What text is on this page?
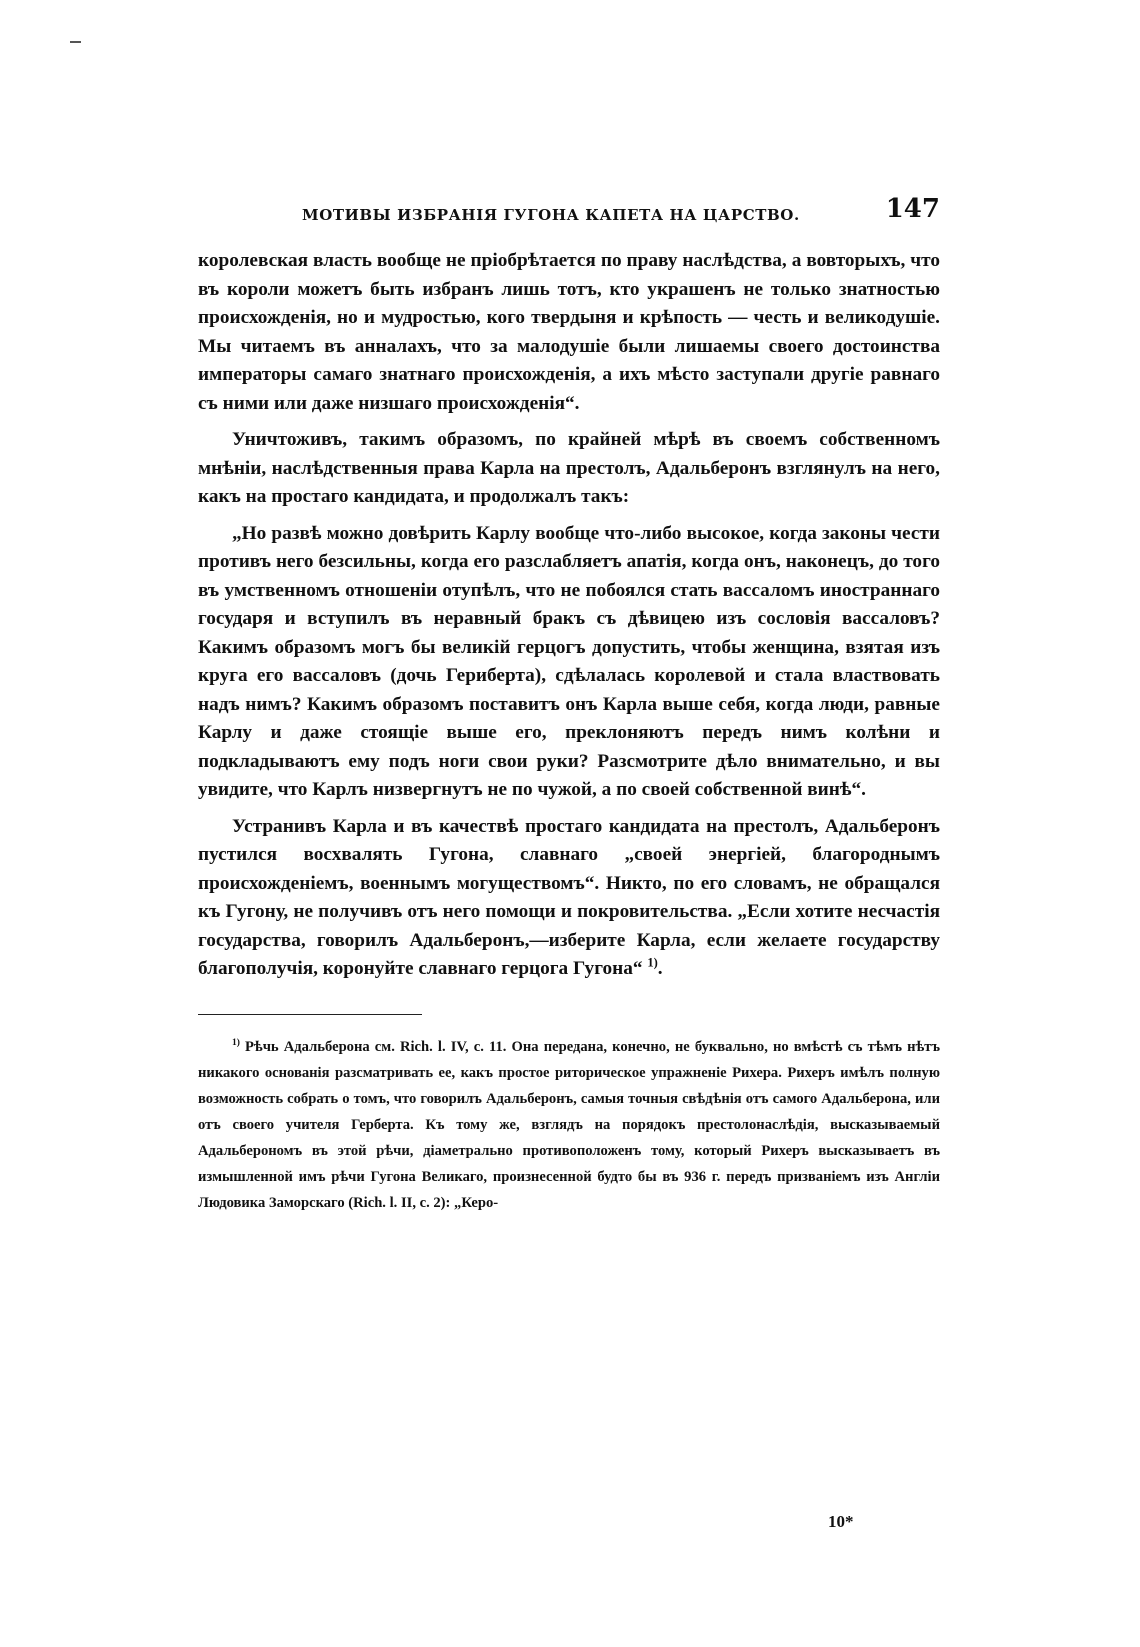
МОТИВЫ ИЗБРАНІЯ ГУГОНА КАПЕТА НА ЦАРСТВО.	147

королевская власть вообще не пріобрѣтается по праву наслѣдства, а вовторыхъ, что въ короли можетъ быть избранъ лишь тотъ, кто украшенъ не только знатностью происхожденія, но и мудростью, кого твердыня и крѣпость — честь и великодушіе. Мы читаемъ въ анналахъ, что за малодушіе были лишаемы своего достоинства императоры самаго знатнаго происхожденія, а ихъ мѣсто заступали другіе равнаго съ ними или даже низшаго происхожденія“.

Уничтоживъ, такимъ образомъ, по крайней мѣрѣ въ своемъ собственномъ мнѣніи, наслѣдственныя права Карла на престолъ, Адальберонъ взглянулъ на него, какъ на простаго кандидата, и продолжалъ такъ:

„Но развѣ можно довѣрить Карлу вообще что-либо высокое, когда законы чести противъ него безсильны, когда его разслабляетъ апатія, когда онъ, наконецъ, до того въ умственномъ отношеніи отупѣлъ, что не побоялся стать вассаломъ иностраннаго государя и вступилъ въ неравный бракъ съ дѣвицею изъ сословія вассаловъ? Какимъ образомъ могъ бы великій герцогъ допустить, чтобы женщина, взятая изъ круга его вассаловъ (дочь Гериберта), сдѣлалась королевой и стала властвовать надъ нимъ? Какимъ образомъ поставитъ онъ Карла выше себя, когда люди, равные Карлу и даже стоящіе выше его, преклоняютъ передъ нимъ колѣни и подкладываютъ ему подъ ноги свои руки? Разсмотрите дѣло внимательно, и вы увидите, что Карлъ низвергнутъ не по чужой, а по своей собственной винѣ“.

Устранивъ Карла и въ качествѣ простаго кандидата на престолъ, Адальберонъ пустился восхвалять Гугона, славнаго „своей энергіей, благороднымъ происхожденіемъ, военнымъ могуществомъ“. Никто, по его словамъ, не обращался къ Гугону, не получивъ отъ него помощи и покровительства. „Если хотите несчастія государства, говорилъ Адальберонъ,—изберите Карла, если желаете государству благополучія, коронуйте славнаго герцога Гугона“ $^{1)}$.

$^{1)}$ Рѣчь Адальберона см. Rich. l. IV, c. 11. Она передана, конечно, не буквально, но вмѣстѣ съ тѣмъ нѣтъ никакого основанія разсматривать ее, какъ простое риторическое упражненіе Рихера. Рихеръ имѣлъ полную возможность собрать о томъ, что говорилъ Адальберонъ, самыя точныя свѣдѣнія отъ самого Адальберона, или отъ своего учителя Герберта. Къ тому же, взглядъ на порядокъ престолонаслѣдія, высказываемый Адальберономъ въ этой рѣчи, діаметрально противоположенъ тому, который Рихеръ высказываетъ въ измышленной имъ рѣчи Гугона Великаго, произнесенной будто бы въ 936 г. передъ призваніемъ изъ Англіи Людовика Заморскаго (Rich. l. II, c. 2): „Керо-

10*
